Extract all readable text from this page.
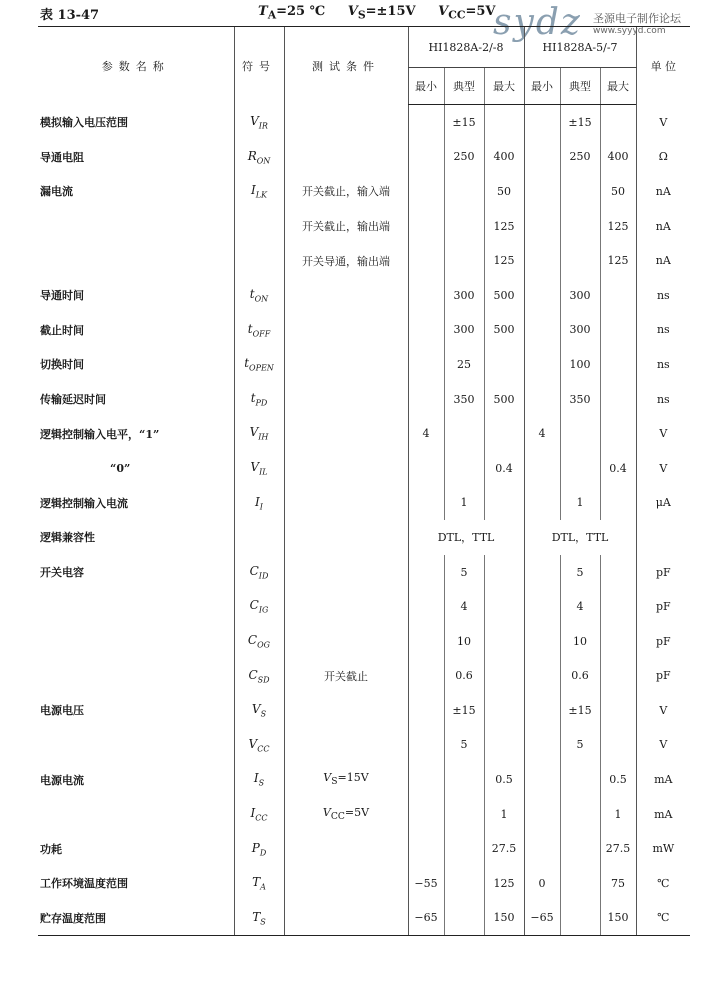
表 13-47	$T_A=25$ ℃ $V_S=\pm 15V$ $V_{CC}=5V$
sydz 圣源电子制作论坛
www.syyyd.com
参数名称	符号	测试条件	HI1828A-2/-8			HI1828A-5/-7			单 位
			最小	典型	最大	最小	典型	最大	
模拟输入电压范围	$V_{IR}$			±15			±15		V
导通电阻	$R_{ON}$			250	400		250	400	Ω
漏电流	$I_{LK}$	开关截止，输入端			50			50	nA
		开关截止，输出端			125			125	nA
		开关导通，输出端			125			125	nA
导通时间	$t_{ON}$			300	500		300		ns
截止时间	$t_{OFF}$			300	500		300		ns
切换时间	$t_{OPEN}$			25			100		ns
传输延迟时间	$t_{PD}$			350	500		350		ns
逻辑控制输入电平，“1”	$V_{IH}$		4			4			V
“0”	$V_{IL}$				0.4			0.4	V
逻辑控制输入电流	$I_I$			1			1		μA
逻辑兼容性			DTL，TTL			DTL，TTL			
开关电容	$C_{ID}$			5			5		pF
	$C_{IG}$			4			4		pF
	$C_{OG}$			10			10		pF
	$C_{SD}$	开关截止		0.6			0.6		pF
电源电压	$V_S$			±15			±15		V
	$V_{CC}$			5			5		V
电源电流	$I_S$	$V_S=15V$			0.5			0.5	mA
	$I_{CC}$	$V_{CC}=5V$			1			1	mA
功耗	$P_D$				27.5			27.5	mW
工作环境温度范围	$T_A$		−55		125	0		75	℃
贮存温度范围	$T_S$		−65		150	−65		150	℃
